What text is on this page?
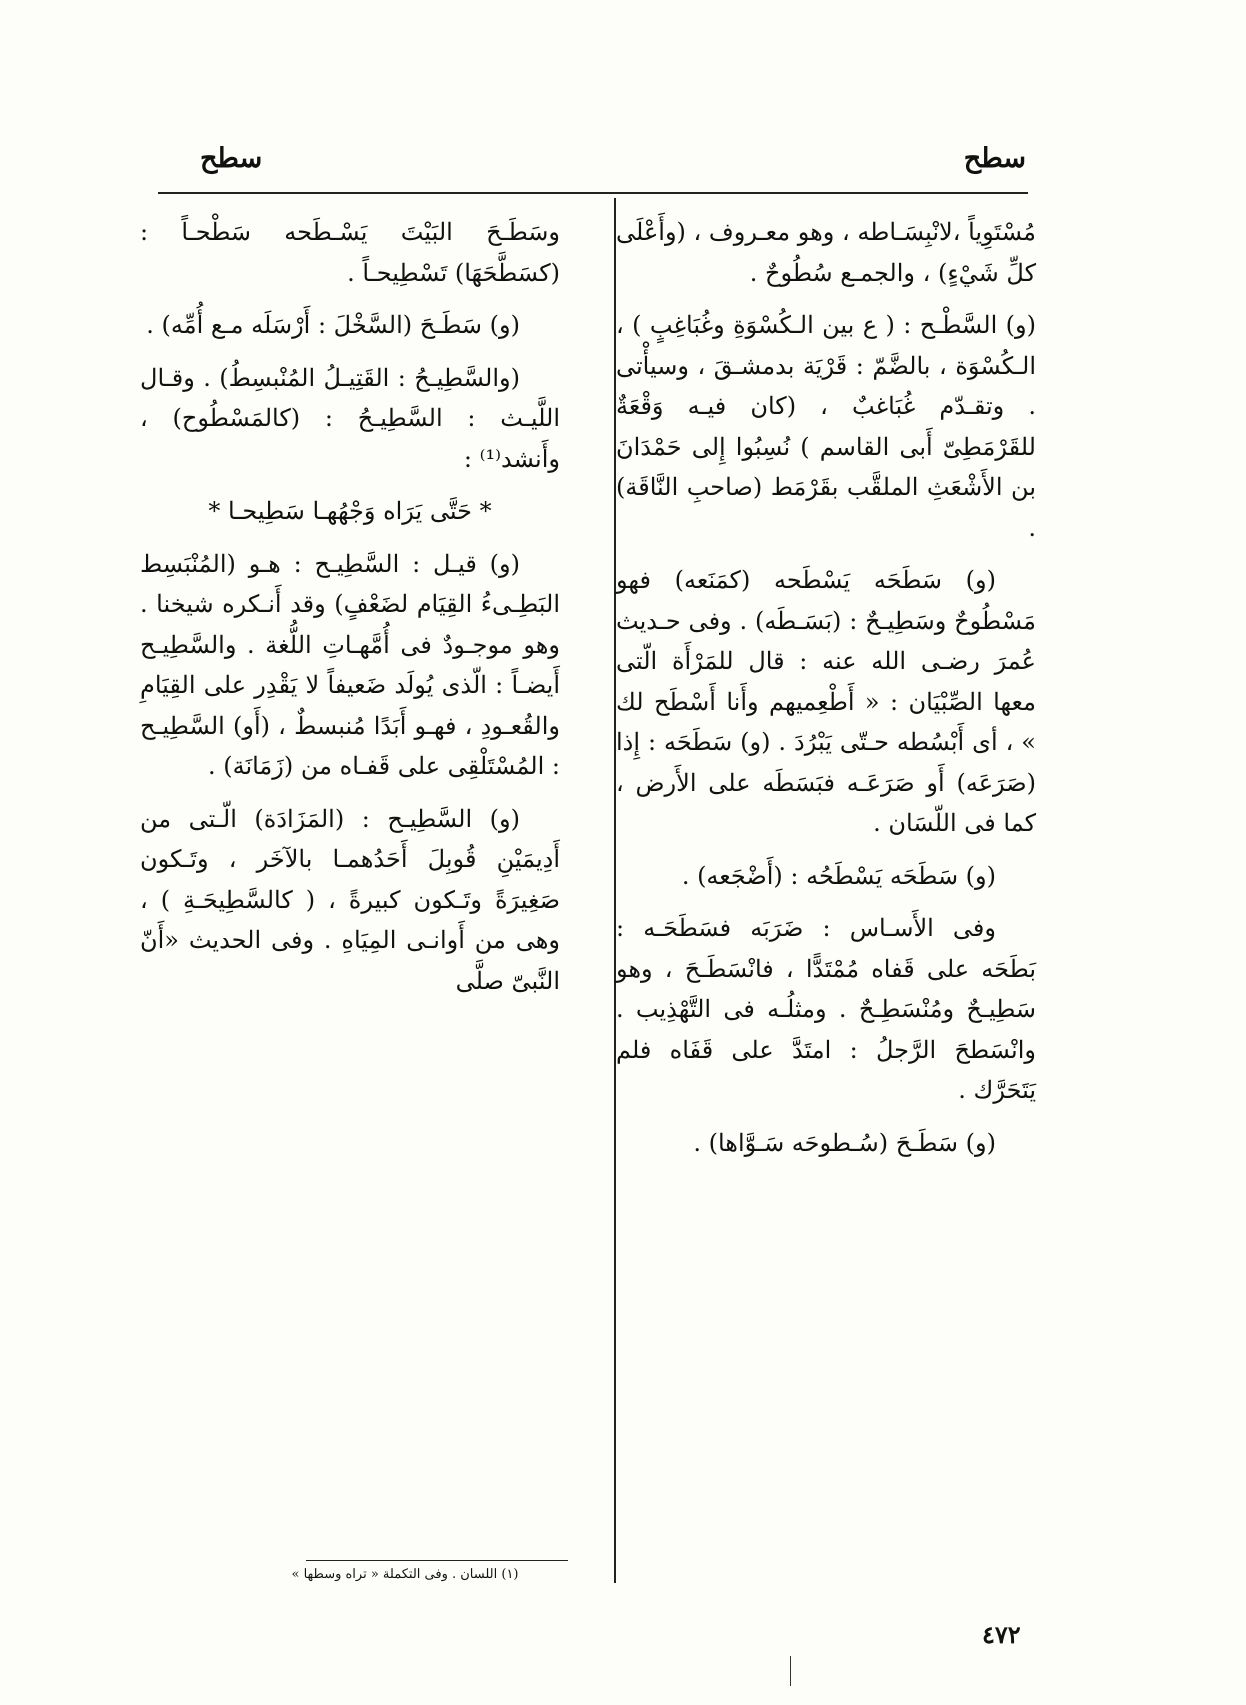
سطح
سطح

مُسْتَوِياً ،لانْبِسَـاطه ، وهو معـروف ، (وأَعْلَى كلِّ شَيْءٍ) ، والجمـع سُطُوحٌ .

(و) السَّطْـح : ( ع بين الـكُسْوَةِ وغُبَاغِبٍ ) ، الـكُسْوَة ، بالضَّمّ : قَرْيَة بدمشـقَ ، وسيأْتى . وتقـدّم غُبَاغبٌ ، (كان فيـه وَقْعَةٌ للقَرْمَطِىّ أَبى القاسم ) نُسِبُوا إِلى حَمْدَانَ بن الأَشْعَثِ الملقَّب بقَرْمَط (صاحبِ النَّاقَة) .

(و) سَطَحَه يَسْطَحه (كمَنَعه) فهو مَسْطُوحٌ وسَطِيـحٌ : (بَسَـطَه) . وفى حـديث عُمرَ رضـى الله عنه : قال للمَرْأَة الّتى معها الصِّبْيَان : « أَطْعِميهم وأَنا أَسْطَح لك » ، أى أَبْسُطه حـتّى يَبْرُدَ . (و) سَطَحَه : إِذا (صَرَعَه) أَو صَرَعَـه فبَسَطَه على الأَرض ، كما فى اللّسَان .

(و) سَطَحَه يَسْطَحُه : (أَضْجَعه) .

وفى الأَسـاس : ضَرَبَه فسَطَحَـه : بَطَحَه على قَفاه مُمْتَدًّا ، فانْسَطَـحَ ، وهو سَطِيـحٌ ومُنْسَطِـحٌ . ومثلُـه فى التَّهْذِيب . وانْسَطحَ الرَّجلُ : امتَدَّ على قَفَاه فلم يَتَحَرَّك .

(و) سَطَـحَ (سُـطوحَه سَـوَّاها) .

وسَطَـحَ البَيْتَ يَسْـطَحه سَطْحـاً : (كسَطَّحَهَا) تَسْطِيحـاً .

(و) سَطَـحَ (السَّخْلَ : أَرْسَلَه مـع أُمِّه) .

(والسَّطِيـحُ : القَتِيـلُ المُنْبسِطُ) . وقـال اللَّيـث : السَّطِيـحُ : (كالمَسْطُوح) ، وأَنشد⁽¹⁾ :

* حَتَّى يَرَاه وَجْهُهـا سَطِيحـا *

(و) قيـل : السَّطِيـح : هـو (المُنْبَسِط البَطِـىءُ القِيَام لضَعْفٍ) وقد أَنـكره شيخنا . وهو موجـودٌ فى أُمَّهـاتِ اللُّغة . والسَّطِيـح أَيضـاً : الّذى يُولَد ضَعيفاً لا يَقْدِر على القِيَامِ والقُعـودِ ، فهـو أَبَدًا مُنبسطٌ ، (أَو) السَّطِيـح : المُسْتَلْقِى على قَفـاه من (زَمَانَة) .

(و) السَّطِيـح : (المَزَادَة) الّـتى من أَدِيمَيْنِ قُوبِلَ أَحَدُهمـا بالآخَر ، وتَـكون صَغِيرَةً وتَـكون كبيرةً ، ( كالسَّطِيحَـةِ ) ، وهى من أَوانـى المِيَاهِ . وفى الحديث «أَنّ النَّبىّ صلَّى

(١) اللسان . وفى التكملة « تراه وسطها »
٤٧٢
